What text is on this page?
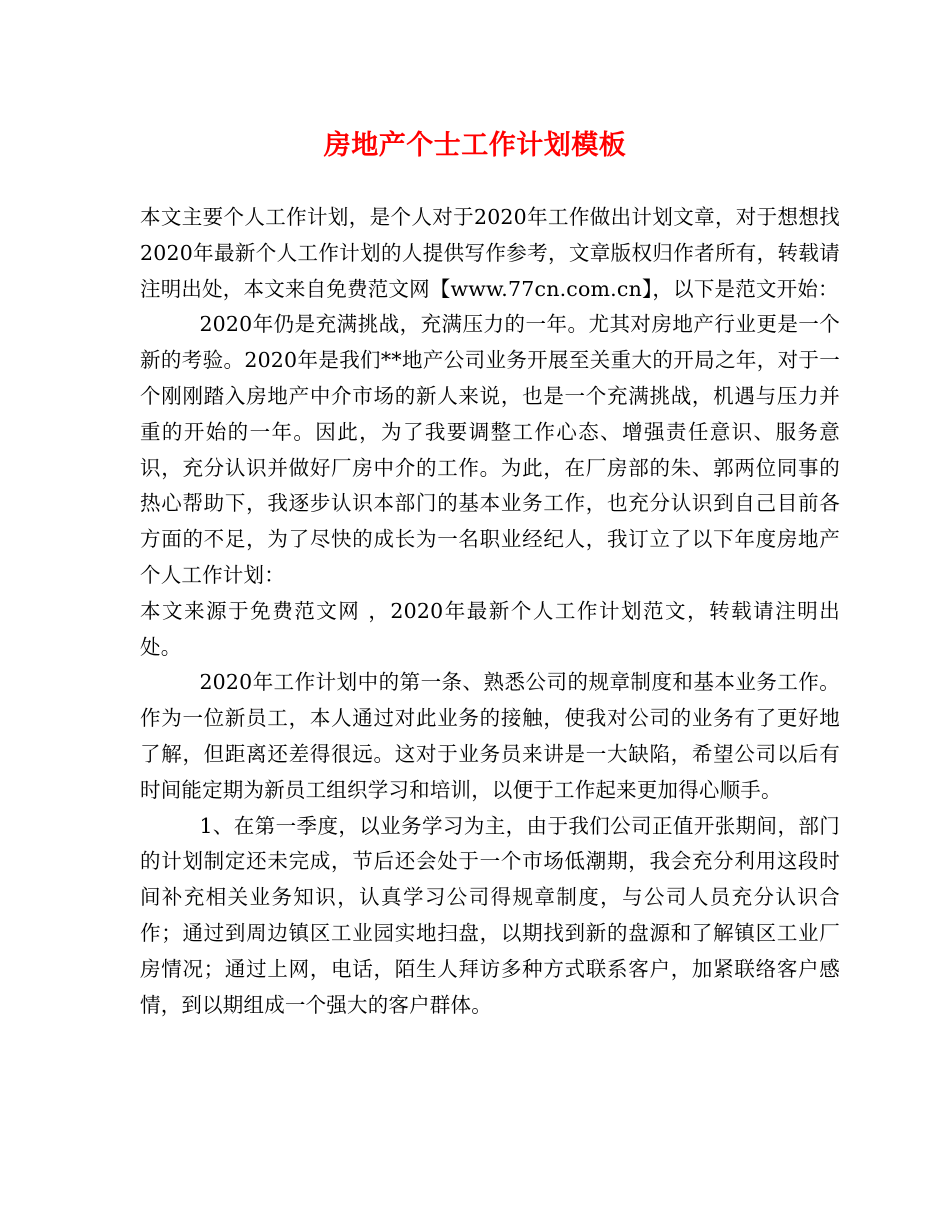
房地产个士工作计划模板

本文主要个人工作计划，是个人对于2020年工作做出计划文章，对于想想找2020年最新个人工作计划的人提供写作参考，文章版权归作者所有，转载请注明出处，本文来自免费范文网【www.77cn.com.cn】，以下是范文开始：

2020年仍是充满挑战，充满压力的一年。尤其对房地产行业更是一个新的考验。2020年是我们**地产公司业务开展至关重大的开局之年，对于一个刚刚踏入房地产中介市场的新人来说，也是一个充满挑战，机遇与压力并重的开始的一年。因此，为了我要调整工作心态、增强责任意识、服务意识，充分认识并做好厂房中介的工作。为此，在厂房部的朱、郭两位同事的热心帮助下，我逐步认识本部门的基本业务工作，也充分认识到自己目前各方面的不足，为了尽快的成长为一名职业经纪人，我订立了以下年度房地产个人工作计划：

本文来源于免费范文网 ，2020年最新个人工作计划范文，转载请注明出处。

2020年工作计划中的第一条、熟悉公司的规章制度和基本业务工作。作为一位新员工，本人通过对此业务的接触，使我对公司的业务有了更好地了解，但距离还差得很远。这对于业务员来讲是一大缺陷，希望公司以后有时间能定期为新员工组织学习和培训，以便于工作起来更加得心顺手。

1、在第一季度，以业务学习为主，由于我们公司正值开张期间，部门的计划制定还未完成，节后还会处于一个市场低潮期，我会充分利用这段时间补充相关业务知识，认真学习公司得规章制度，与公司人员充分认识合作；通过到周边镇区工业园实地扫盘，以期找到新的盘源和了解镇区工业厂房情况；通过上网，电话，陌生人拜访多种方式联系客户，加紧联络客户感情，到以期组成一个强大的客户群体。
